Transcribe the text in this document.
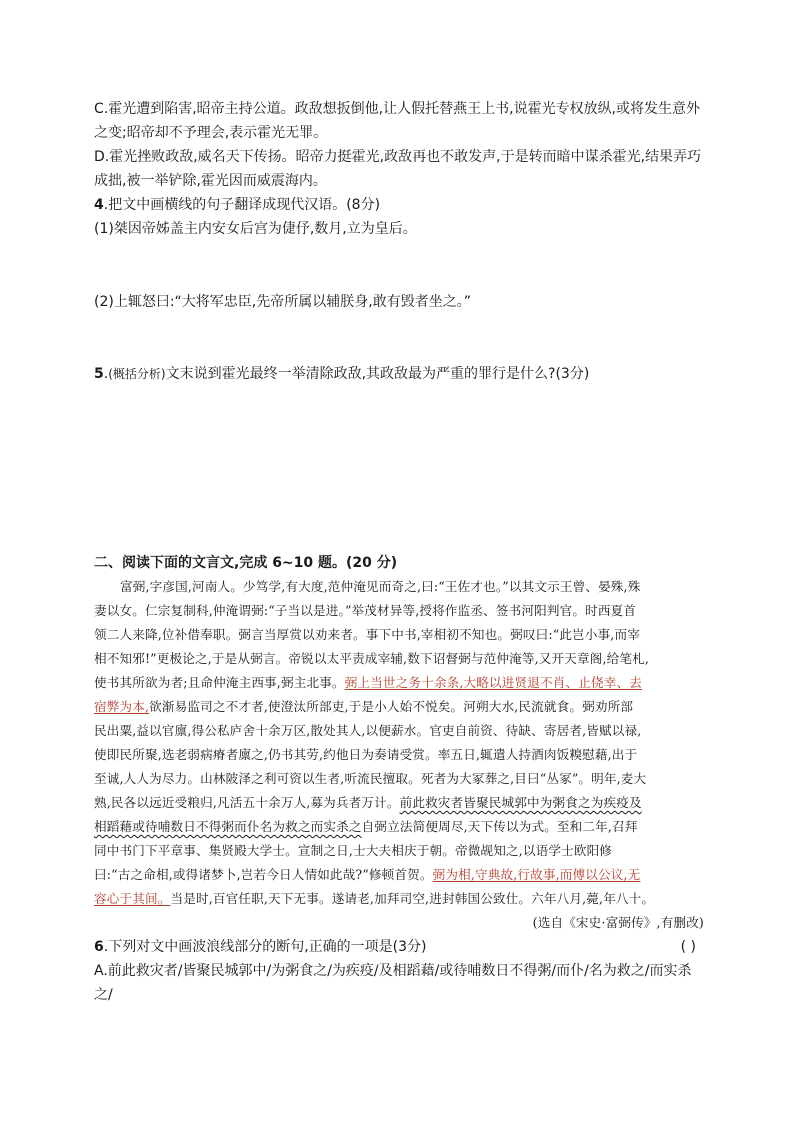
C.霍光遭到陷害,昭帝主持公道。政敌想扳倒他,让人假托替燕王上书,说霍光专权放纵,或将发生意外
之变;昭帝却不予理会,表示霍光无罪。
D.霍光挫败政敌,威名天下传扬。昭帝力挺霍光,政敌再也不敢发声,于是转而暗中谋杀霍光,结果弄巧
成拙,被一举铲除,霍光因而威震海内。
4.把文中画横线的句子翻译成现代汉语。(8分)
(1)桀因帝姊盖主内安女后宫为倢伃,数月,立为皇后。
(2)上辄怒曰:“大将军忠臣,先帝所属以辅朕身,敢有毁者坐之。”
5.(概括分析)文末说到霍光最终一举清除政敌,其政敌最为严重的罪行是什么?(3分)
二、阅读下面的文言文,完成 6~10 题。(20 分)
富弼,字彦国,河南人。少笃学,有大度,范仲淹见而奇之,曰:“王佐才也。”以其文示王曾、晏殊,殊
妻以女。仁宗复制科,仲淹谓弼:“子当以是进。”举茂材异等,授将作监丞、签书河阳判官。时西夏首
领二人来降,位补借奉职。弼言当厚赏以劝来者。事下中书,宰相初不知也。弼叹曰:“此岂小事,而宰
相不知邪!”更极论之,于是从弼言。帝锐以太平责成宰辅,数下诏督弼与范仲淹等,又开天章阁,给笔札,
使书其所欲为者;且命仲淹主西事,弼主北事。弼上当世之务十余条,大略以进贤退不肖、止侥幸、去
宿弊为本,欲渐易监司之不才者,使澄汰所部吏,于是小人始不悦矣。河朔大水,民流就食。弼劝所部
民出粟,益以官廪,得公私庐舍十余万区,散处其人,以便薪水。官吏自前资、待缺、寄居者,皆赋以禄,
使即民所聚,选老弱病瘠者廪之,仍书其劳,约他日为奏请受赏。率五日,辄遣人持酒肉饭糗慰藉,出于
至诚,人人为尽力。山林陂泽之利可资以生者,听流民擅取。死者为大冢葬之,目曰“丛冢”。明年,麦大
熟,民各以远近受粮归,凡活五十余万人,募为兵者万计。前此救灾者皆聚民城郭中为粥食之为疾疫及
相蹈藉或待哺数日不得粥而仆名为救之而实杀之自弼立法简便周尽,天下传以为式。至和二年,召拜
同中书门下平章事、集贤殿大学士。宣制之日,士大夫相庆于朝。帝微觇知之,以语学士欧阳修
曰:“古之命相,或得诸梦卜,岂若今日人情如此哉?”修顿首贺。弼为相,守典故,行故事,而傅以公议,无
容心于其间。当是时,百官任职,天下无事。遂请老,加拜司空,进封韩国公致仕。六年八月,薨,年八十。
(选自《宋史·富弼传》,有删改)
6.下列对文中画波浪线部分的断句,正确的一项是(3分)	( )
A.前此救灾者/皆聚民城郭中/为粥食之/为疾疫/及相蹈藉/或待哺数日不得粥/而仆/名为救之/而实杀
之/
